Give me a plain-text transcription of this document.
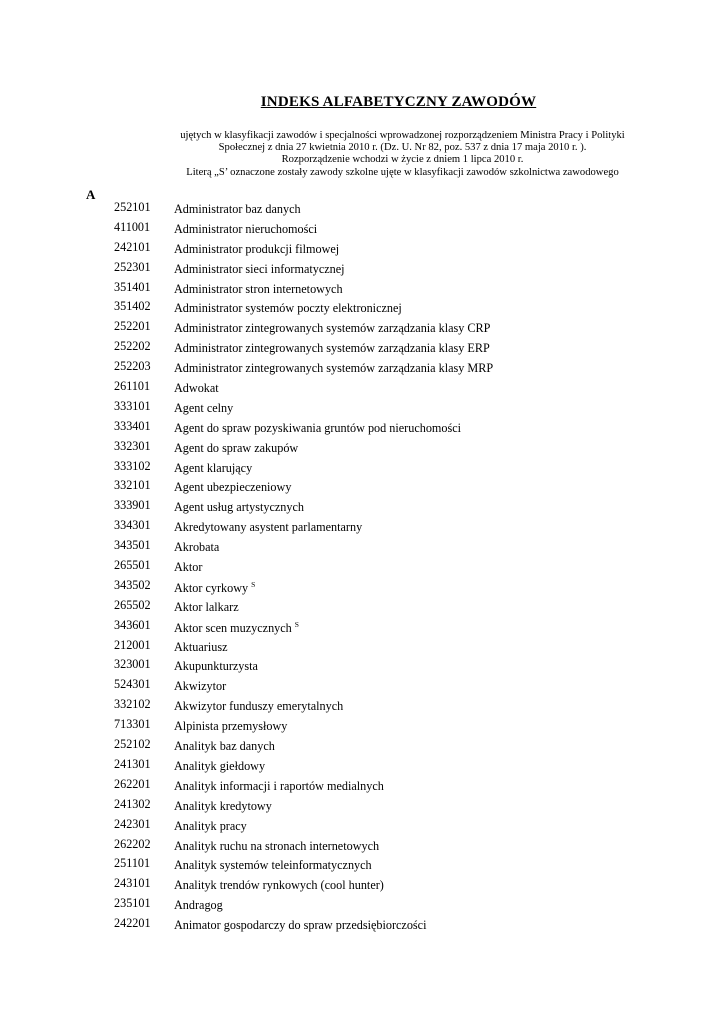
INDEKS ALFABETYCZNY ZAWODÓW
ujętych w klasyfikacji zawodów i specjalności wprowadzonej rozporządzeniem Ministra Pracy i Polityki
Społecznej z dnia 27 kwietnia 2010 r. (Dz. U. Nr 82, poz. 537 z dnia 17 maja 2010 r. ).
Rozporządzenie wchodzi w życie z dniem 1 lipca 2010 r.
Literą „S’ oznaczone zostały zawody szkolne ujęte w klasyfikacji zawodów szkolnictwa zawodowego
A
252101 Administrator baz danych
411001 Administrator nieruchomości
242101 Administrator produkcji filmowej
252301 Administrator sieci informatycznej
351401 Administrator stron internetowych
351402 Administrator systemów poczty elektronicznej
252201 Administrator zintegrowanych systemów zarządzania klasy CRP
252202 Administrator zintegrowanych systemów zarządzania klasy ERP
252203 Administrator zintegrowanych systemów zarządzania klasy MRP
261101 Adwokat
333101 Agent celny
333401 Agent do spraw pozyskiwania gruntów pod nieruchomości
332301 Agent do spraw zakupów
333102 Agent klarujący
332101 Agent ubezpieczeniowy
333901 Agent usług artystycznych
334301 Akredytowany asystent parlamentarny
343501 Akrobata
265501 Aktor
343502 Aktor cyrkowy $^S$
265502 Aktor lalkarz
343601 Aktor scen muzycznych $^S$
212001 Aktuariusz
323001 Akupunkturzysta
524301 Akwizytor
332102 Akwizytor funduszy emerytalnych
713301 Alpinista przemysłowy
252102 Analityk baz danych
241301 Analityk giełdowy
262201 Analityk informacji i raportów medialnych
241302 Analityk kredytowy
242301 Analityk pracy
262202 Analityk ruchu na stronach internetowych
251101 Analityk systemów teleinformatycznych
243101 Analityk trendów rynkowych (cool hunter)
235101 Andragog
242201 Animator gospodarczy do spraw przedsiębiorczości
